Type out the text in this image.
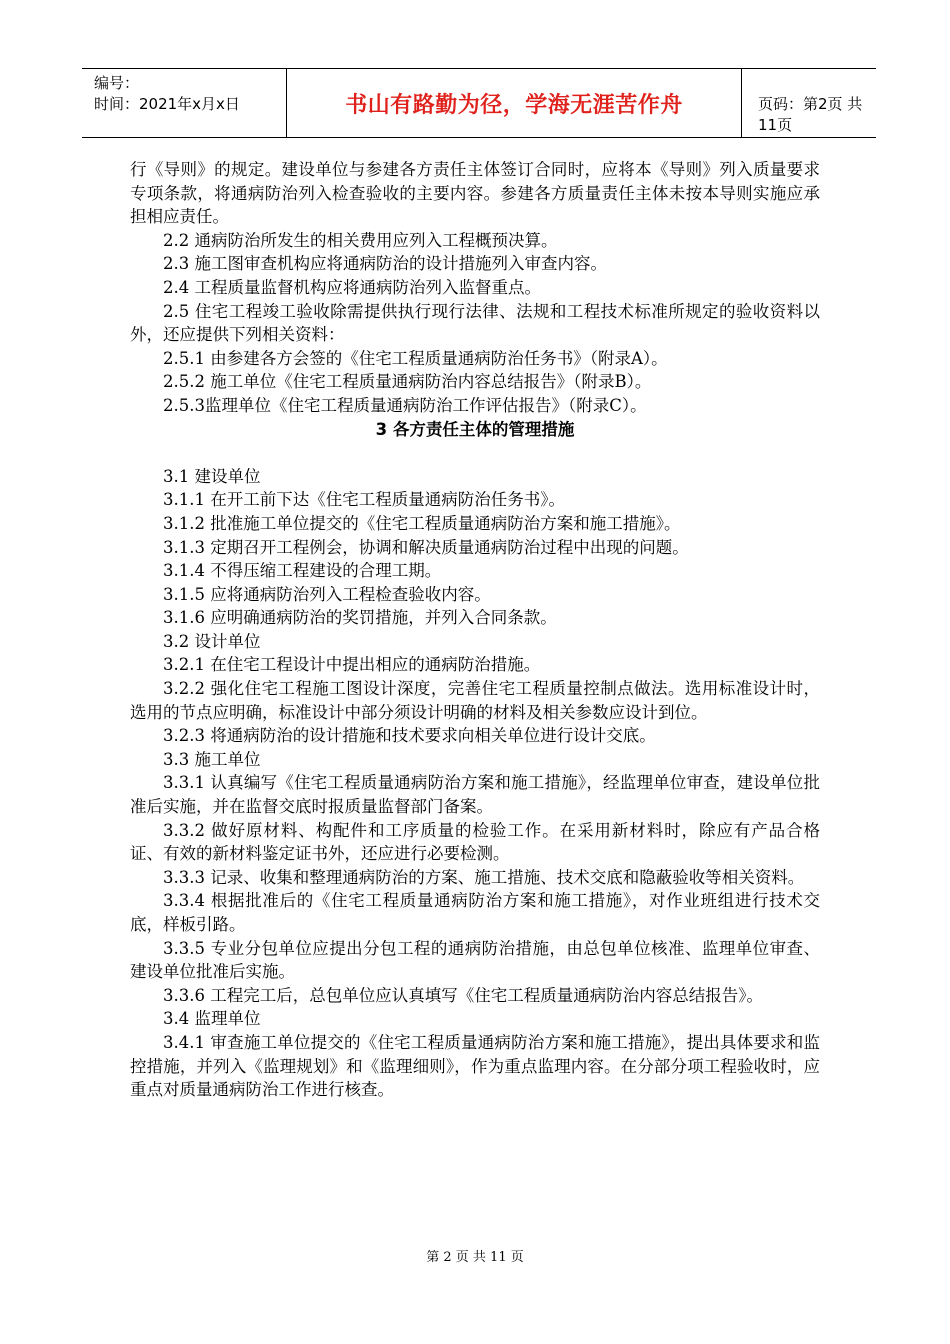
编号：
时间：2021年x月x日	书山有路勤为径，学海无涯苦作舟	页码：第2页 共11页

行《导则》的规定。建设单位与参建各方责任主体签订合同时，应将本《导则》列入质量要求专项条款，将通病防治列入检查验收的主要内容。参建各方质量责任主体未按本导则实施应承担相应责任。

2.2 通病防治所发生的相关费用应列入工程概预决算。

2.3 施工图审查机构应将通病防治的设计措施列入审查内容。

2.4 工程质量监督机构应将通病防治列入监督重点。

2.5 住宅工程竣工验收除需提供执行现行法律、法规和工程技术标准所规定的验收资料以外，还应提供下列相关资料：

2.5.1 由参建各方会签的《住宅工程质量通病防治任务书》（附录A）。

2.5.2 施工单位《住宅工程质量通病防治内容总结报告》（附录B）。

2.5.3监理单位《住宅工程质量通病防治工作评估报告》（附录C）。

3 各方责任主体的管理措施

3.1 建设单位

3.1.1 在开工前下达《住宅工程质量通病防治任务书》。

3.1.2 批准施工单位提交的《住宅工程质量通病防治方案和施工措施》。

3.1.3 定期召开工程例会，协调和解决质量通病防治过程中出现的问题。

3.1.4 不得压缩工程建设的合理工期。

3.1.5 应将通病防治列入工程检查验收内容。

3.1.6 应明确通病防治的奖罚措施，并列入合同条款。

3.2 设计单位

3.2.1 在住宅工程设计中提出相应的通病防治措施。

3.2.2 强化住宅工程施工图设计深度，完善住宅工程质量控制点做法。选用标准设计时，选用的节点应明确，标准设计中部分须设计明确的材料及相关参数应设计到位。

3.2.3 将通病防治的设计措施和技术要求向相关单位进行设计交底。

3.3 施工单位

3.3.1 认真编写《住宅工程质量通病防治方案和施工措施》，经监理单位审查，建设单位批准后实施，并在监督交底时报质量监督部门备案。

3.3.2 做好原材料、构配件和工序质量的检验工作。在采用新材料时，除应有产品合格证、有效的新材料鉴定证书外，还应进行必要检测。

3.3.3 记录、收集和整理通病防治的方案、施工措施、技术交底和隐蔽验收等相关资料。

3.3.4 根据批准后的《住宅工程质量通病防治方案和施工措施》，对作业班组进行技术交底，样板引路。

3.3.5 专业分包单位应提出分包工程的通病防治措施，由总包单位核准、监理单位审查、建设单位批准后实施。

3.3.6 工程完工后，总包单位应认真填写《住宅工程质量通病防治内容总结报告》。

3.4 监理单位

3.4.1 审查施工单位提交的《住宅工程质量通病防治方案和施工措施》，提出具体要求和监控措施，并列入《监理规划》和《监理细则》，作为重点监理内容。在分部分项工程验收时，应重点对质量通病防治工作进行核查。

第 2 页 共 11 页
